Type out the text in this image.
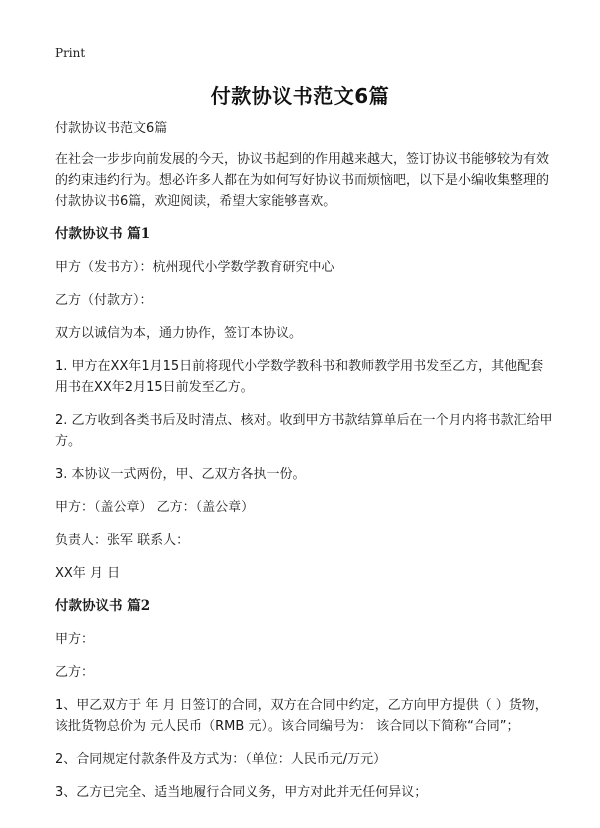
Print
付款协议书范文6篇

付款协议书范文6篇

在社会一步步向前发展的今天，协议书起到的作用越来越大，签订协议书能够较为有效的约束违约行为。想必许多人都在为如何写好协议书而烦恼吧，以下是小编收集整理的付款协议书6篇，欢迎阅读，希望大家能够喜欢。

付款协议书 篇1

甲方（发书方）：杭州现代小学数学教育研究中心

乙方（付款方）：

双方以诚信为本，通力协作，签订本协议。

1. 甲方在XX年1月15日前将现代小学数学教科书和教师教学用书发至乙方，其他配套用书在XX年2月15日前发至乙方。

2. 乙方收到各类书后及时清点、核对。收到甲方书款结算单后在一个月内将书款汇给甲方。

3. 本协议一式两份，甲、乙双方各执一份。

甲方：（盖公章） 乙方：（盖公章）

负责人：张军 联系人：

XX年 月 日

付款协议书 篇2

甲方：

乙方：

1、甲乙双方于 年 月 日签订的合同，双方在合同中约定，乙方向甲方提供（ ）货物，该批货物总价为 元人民币（RMB 元）。该合同编号为： 该合同以下简称“合同”；

2、合同规定付款条件及方式为：（单位：人民币元/万元）

3、乙方已完全、适当地履行合同义务，甲方对此并无任何异议；
